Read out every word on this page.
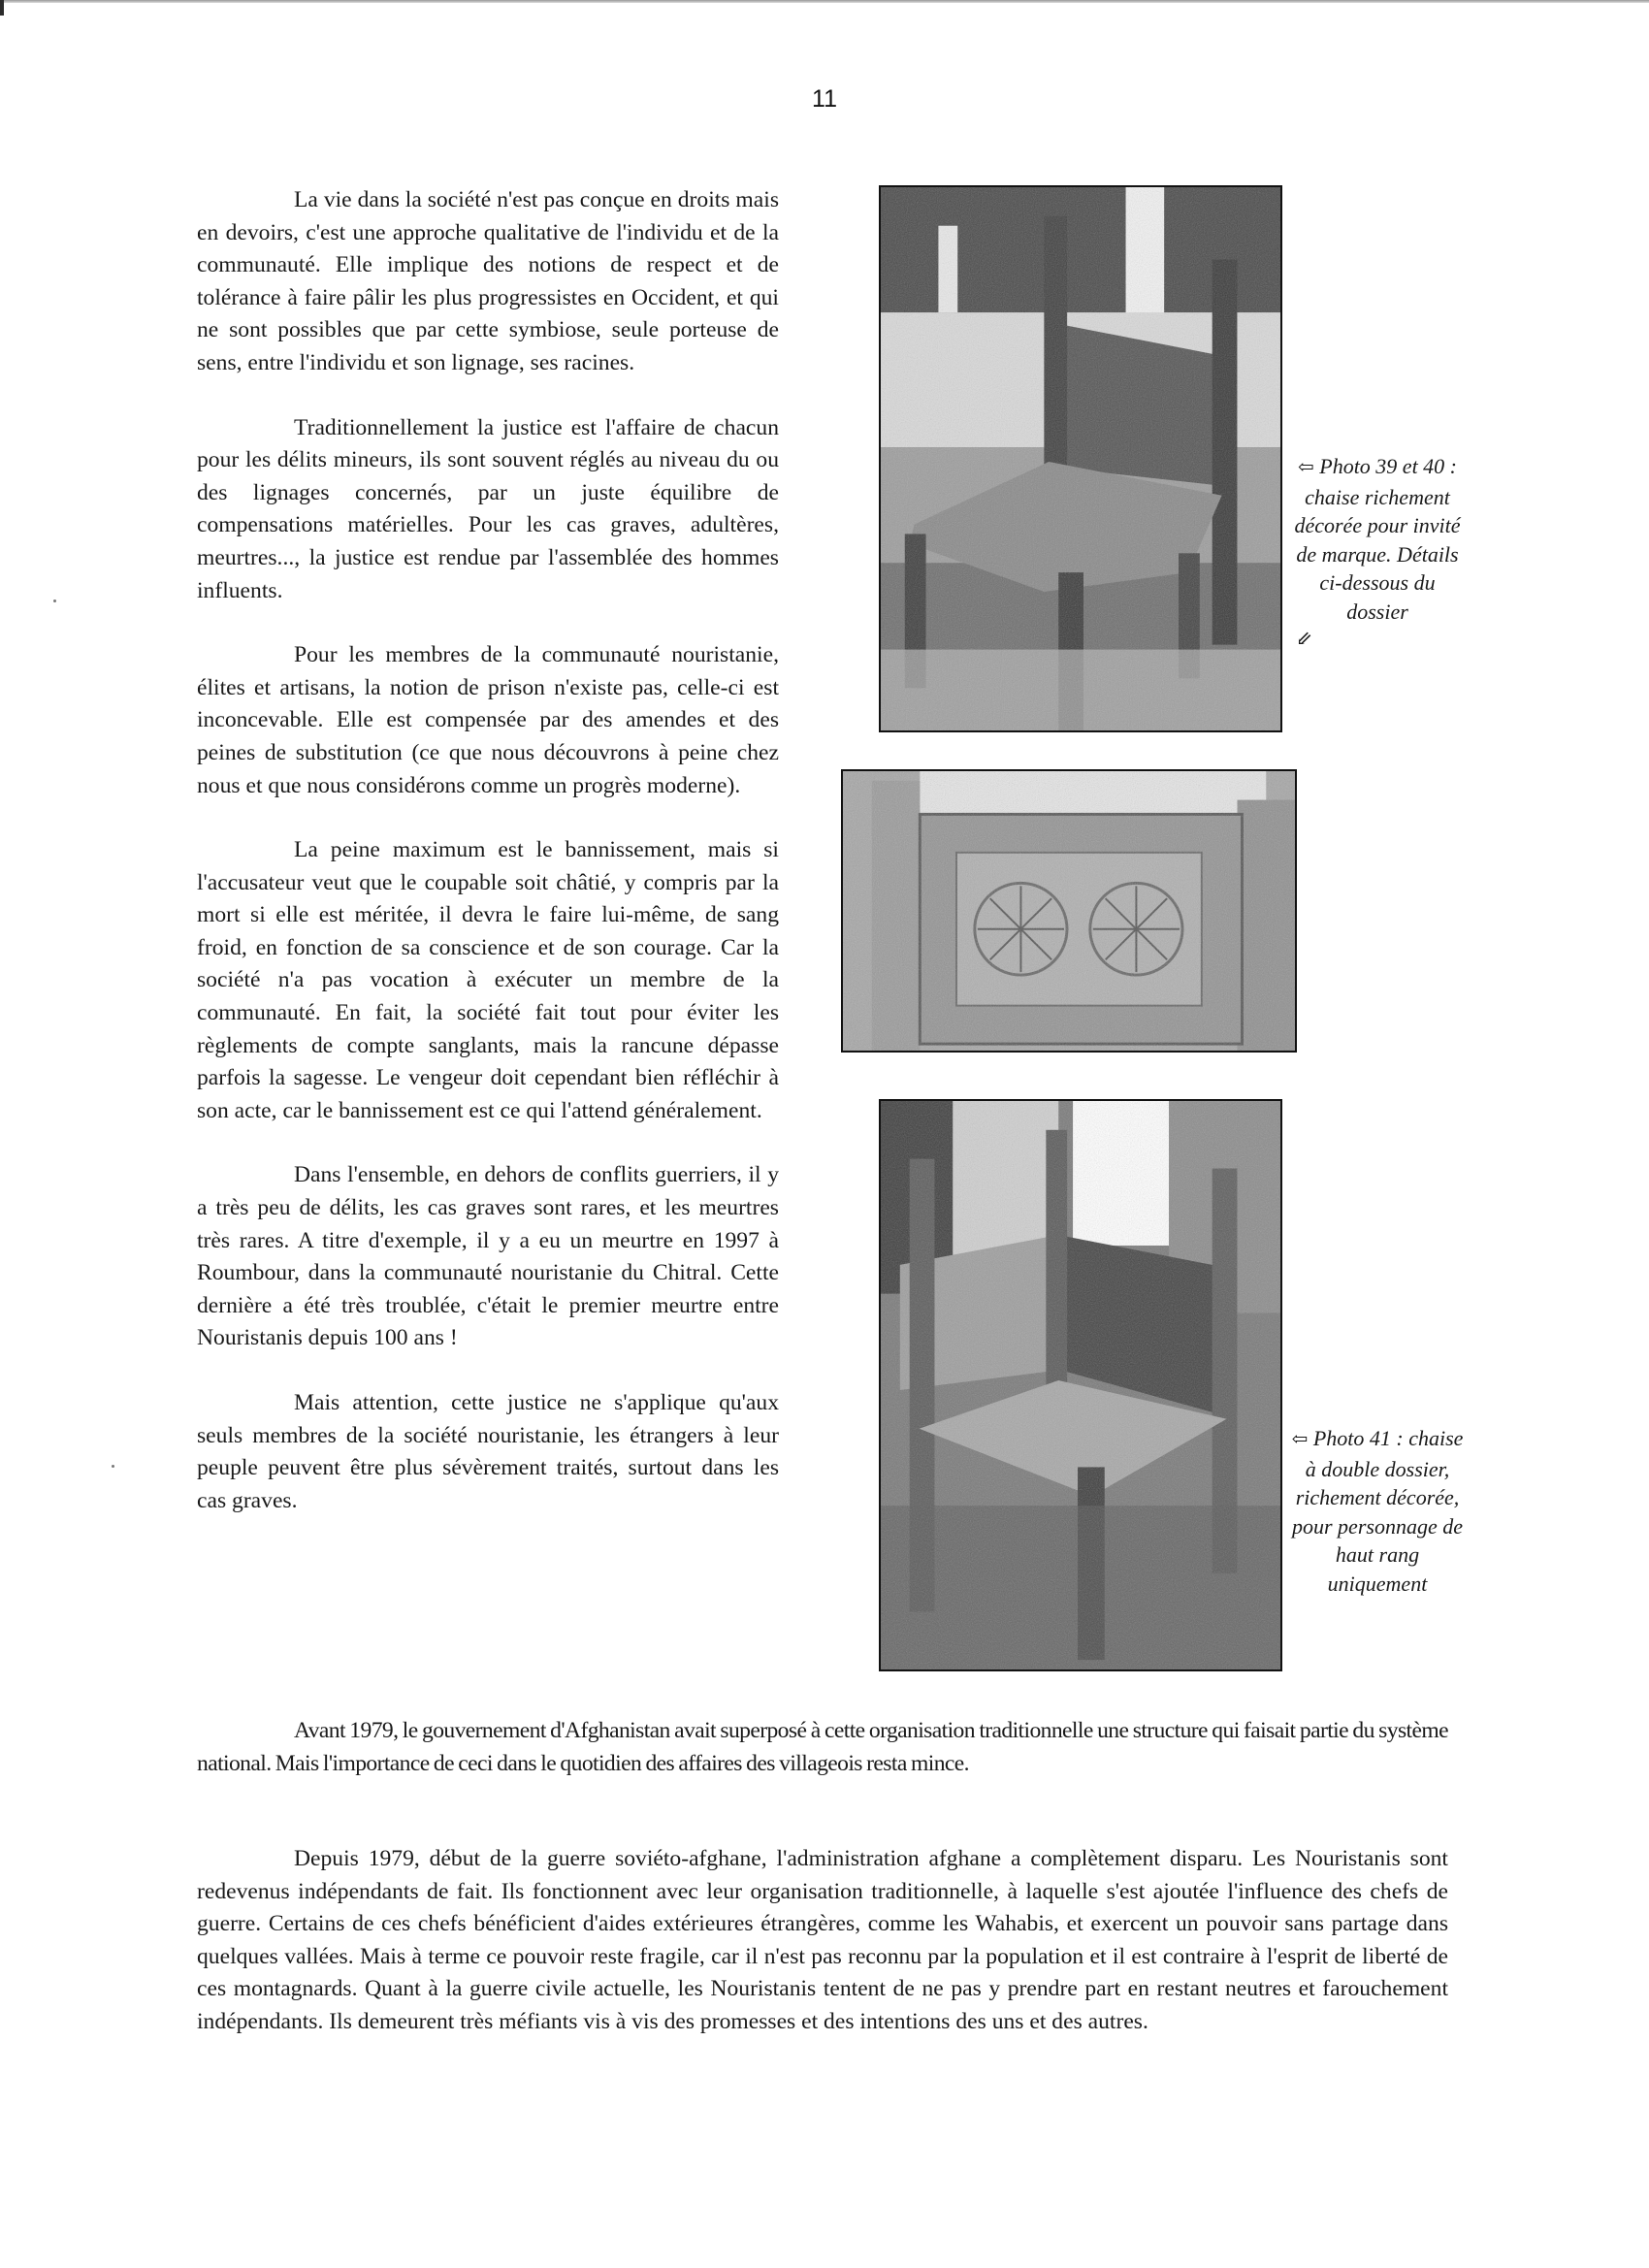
11

La vie dans la société n'est pas conçue en droits mais en devoirs, c'est une approche qualitative de l'individu et de la communauté. Elle implique des notions de respect et de tolérance à faire pâlir les plus progressistes en Occident, et qui ne sont possibles que par cette symbiose, seule porteuse de sens, entre l'individu et son lignage, ses racines.

Traditionnellement la justice est l'affaire de chacun pour les délits mineurs, ils sont souvent réglés au niveau du ou des lignages concernés, par un juste équilibre de compensations matérielles. Pour les cas graves, adultères, meurtres..., la justice est rendue par l'assemblée des hommes influents.

Pour les membres de la communauté nouristanie, élites et artisans, la notion de prison n'existe pas, celle-ci est inconcevable. Elle est compensée par des amendes et des peines de substitution (ce que nous découvrons à peine chez nous et que nous considérons comme un progrès moderne).

La peine maximum est le bannissement, mais si l'accusateur veut que le coupable soit châtié, y compris par la mort si elle est méritée, il devra le faire lui-même, de sang froid, en fonction de sa conscience et de son courage. Car la société n'a pas vocation à exécuter un membre de la communauté. En fait, la société fait tout pour éviter les règlements de compte sanglants, mais la rancune dépasse parfois la sagesse. Le vengeur doit cependant bien réfléchir à son acte, car le bannissement est ce qui l'attend généralement.

Dans l'ensemble, en dehors de conflits guerriers, il y a très peu de délits, les cas graves sont rares, et les meurtres très rares. A titre d'exemple, il y a eu un meurtre en 1997 à Roumbour, dans la communauté nouristanie du Chitral. Cette dernière a été très troublée, c'était le premier meurtre entre Nouristanis depuis 100 ans !

Mais attention, cette justice ne s'applique qu'aux seuls membres de la société nouristanie, les étrangers à leur peuple peuvent être plus sévèrement traités, surtout dans les cas graves.

Avant 1979, le gouvernement d'Afghanistan avait superposé à cette organisation traditionnelle une structure qui faisait partie du système national. Mais l'importance de ceci dans le quotidien des affaires des villageois resta mince.

Depuis 1979, début de la guerre soviéto-afghane, l'administration afghane a complètement disparu. Les Nouristanis sont redevenus indépendants de fait. Ils fonctionnent avec leur organisation traditionnelle, à laquelle s'est ajoutée l'influence des chefs de guerre. Certains de ces chefs bénéficient d'aides extérieures étrangères, comme les Wahabis, et exercent un pouvoir sans partage dans quelques vallées. Mais à terme ce pouvoir reste fragile, car il n'est pas reconnu par la population et il est contraire à l'esprit de liberté de ces montagnards. Quant à la guerre civile actuelle, les Nouristanis tentent de ne pas y prendre part en restant neutres et farouchement indépendants. Ils demeurent très méfiants vis à vis des promesses et des intentions des uns et des autres.

⇦ Photo 39 et 40 : chaise richement décorée pour invité de marque. Détails ci-dessous du dossier

⇙
⇦ Photo 41 : chaise à double dossier, richement décorée, pour personnage de haut rang uniquement
